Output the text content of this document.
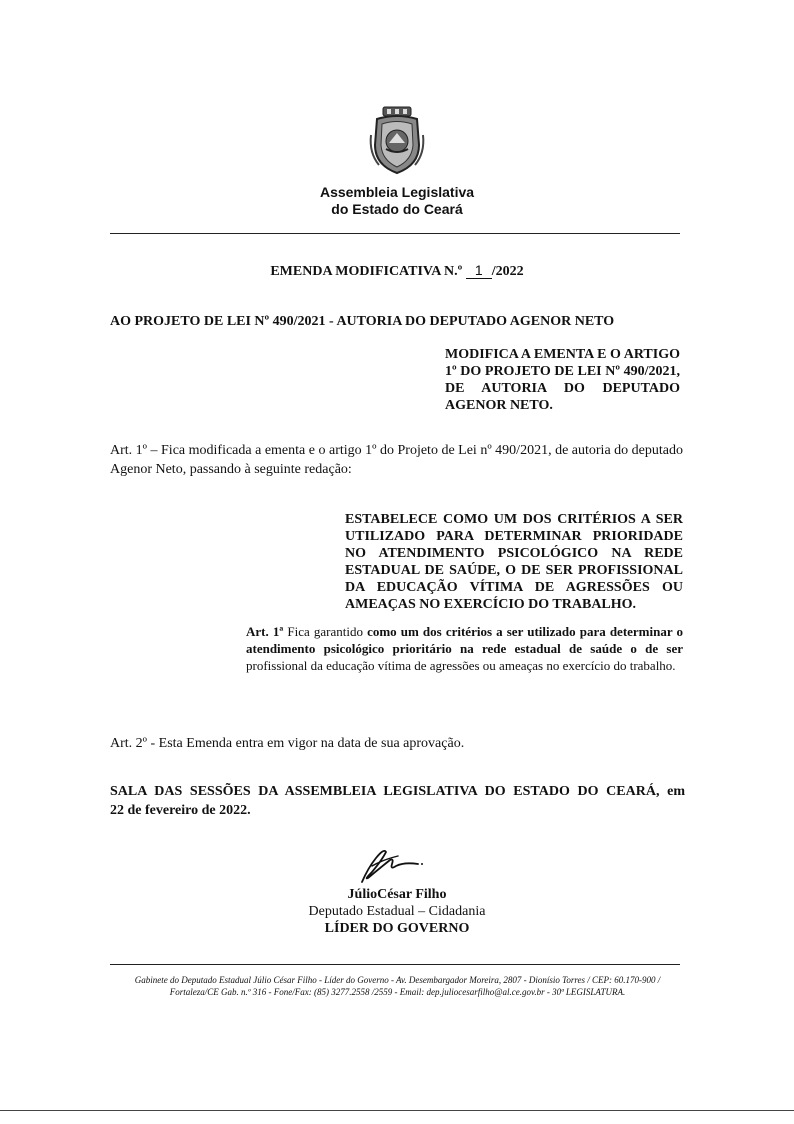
Assembleia Legislativa
do Estado do Ceará
EMENDA MODIFICATIVA N.º 1 /2022
AO PROJETO DE LEI Nº 490/2021 - AUTORIA DO DEPUTADO AGENOR NETO
MODIFICA A EMENTA E O ARTIGO 1º DO PROJETO DE LEI Nº 490/2021, DE AUTORIA DO DEPUTADO AGENOR NETO.
Art. 1º – Fica modificada a ementa e o artigo 1º do Projeto de Lei nº 490/2021, de autoria do deputado Agenor Neto, passando à seguinte redação:
ESTABELECE COMO UM DOS CRITÉRIOS A SER UTILIZADO PARA DETERMINAR PRIORIDADE NO ATENDIMENTO PSICOLÓGICO NA REDE ESTADUAL DE SAÚDE, O DE SER PROFISSIONAL DA EDUCAÇÃO VÍTIMA DE AGRESSÕES OU AMEAÇAS NO EXERCÍCIO DO TRABALHO.
Art. 1ª Fica garantido como um dos critérios a ser utilizado para determinar o atendimento psicológico prioritário na rede estadual de saúde o de ser profissional da educação vítima de agressões ou ameaças no exercício do trabalho.
Art. 2º - Esta Emenda entra em vigor na data de sua aprovação.
SALA DAS SESSÕES DA ASSEMBLEIA LEGISLATIVA DO ESTADO DO CEARÁ, em
22 de fevereiro de 2022.
JúlioCésar Filho
Deputado Estadual – Cidadania
LÍDER DO GOVERNO
Gabinete do Deputado Estadual Júlio César Filho - Líder do Governo - Av. Desembargador Moreira, 2807 - Dionísio Torres / CEP: 60.170-900 /
Fortaleza/CE Gab. n.º 316 - Fone/Fax: (85) 3277.2558 /2559 - Email: dep.juliocesarfilho@al.ce.gov.br - 30ª LEGISLATURA.
